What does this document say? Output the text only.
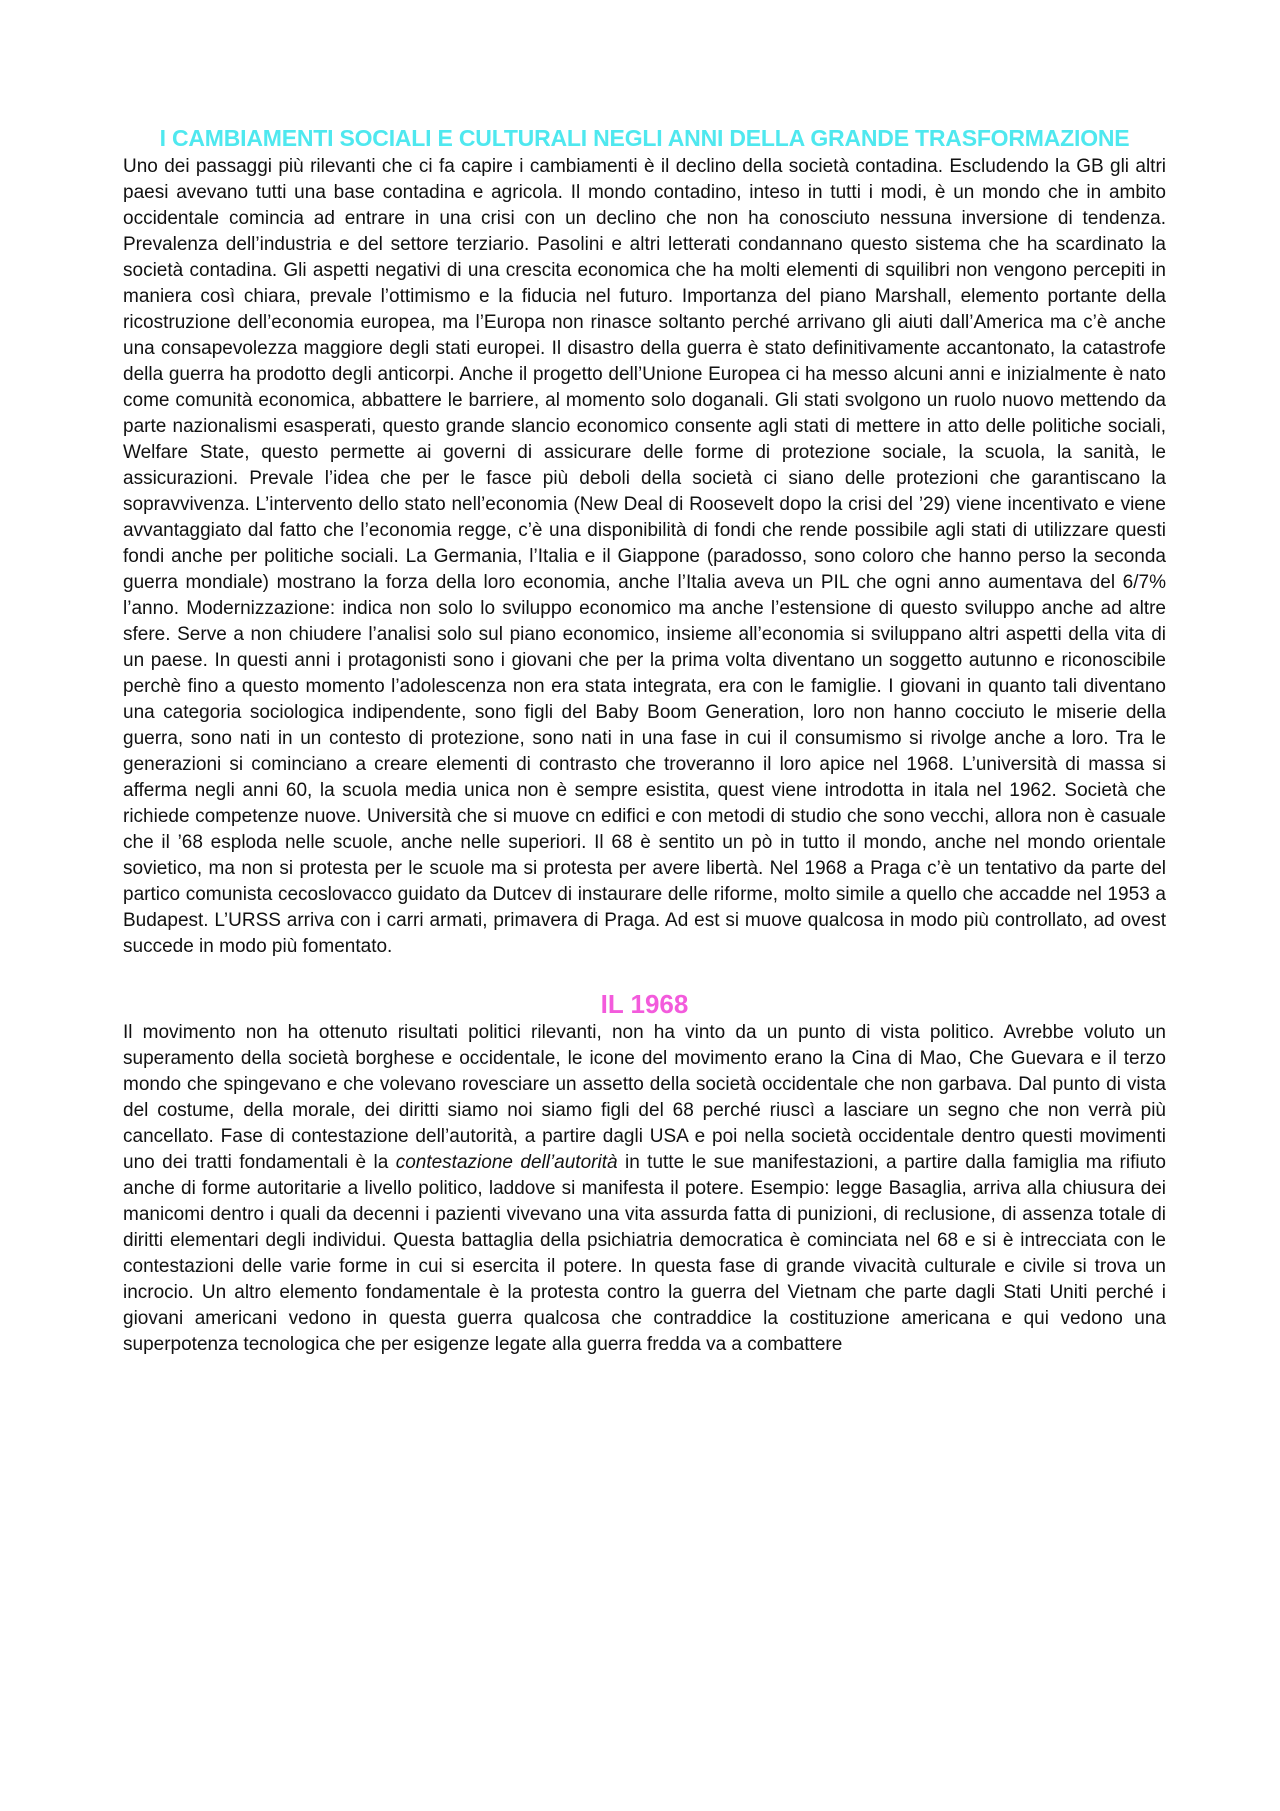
I CAMBIAMENTI SOCIALI E CULTURALI NEGLI ANNI DELLA GRANDE TRASFORMAZIONE

Uno dei passaggi più rilevanti che ci fa capire i cambiamenti è il declino della società contadina. Escludendo la GB gli altri paesi avevano tutti una base contadina e agricola. Il mondo contadino, inteso in tutti i modi, è un mondo che in ambito occidentale comincia ad entrare in una crisi con un declino che non ha conosciuto nessuna inversione di tendenza. Prevalenza dell’industria e del settore terziario. Pasolini e altri letterati condannano questo sistema che ha scardinato la società contadina. Gli aspetti negativi di una crescita economica che ha molti elementi di squilibri non vengono percepiti in maniera così chiara, prevale l’ottimismo e la fiducia nel futuro. Importanza del piano Marshall, elemento portante della ricostruzione dell’economia europea, ma l’Europa non rinasce soltanto perché arrivano gli aiuti dall’America ma c’è anche una consapevolezza maggiore degli stati europei. Il disastro della guerra è stato definitivamente accantonato, la catastrofe della guerra ha prodotto degli anticorpi. Anche il progetto dell’Unione Europea ci ha messo alcuni anni e inizialmente è nato come comunità economica, abbattere le barriere, al momento solo doganali. Gli stati svolgono un ruolo nuovo mettendo da parte nazionalismi esasperati, questo grande slancio economico consente agli stati di mettere in atto delle politiche sociali, Welfare State, questo permette ai governi di assicurare delle forme di protezione sociale, la scuola, la sanità, le assicurazioni. Prevale l’idea che per le fasce più deboli della società ci siano delle protezioni che garantiscano la sopravvivenza. L’intervento dello stato nell’economia (New Deal di Roosevelt dopo la crisi del ’29) viene incentivato e viene avvantaggiato dal fatto che l’economia regge, c’è una disponibilità di fondi che rende possibile agli stati di utilizzare questi fondi anche per politiche sociali. La Germania, l’Italia e il Giappone (paradosso, sono coloro che hanno perso la seconda guerra mondiale) mostrano la forza della loro economia, anche l’Italia aveva un PIL che ogni anno aumentava del 6/7% l’anno. Modernizzazione: indica non solo lo sviluppo economico ma anche l’estensione di questo sviluppo anche ad altre sfere. Serve a non chiudere l’analisi solo sul piano economico, insieme all’economia si sviluppano altri aspetti della vita di un paese. In questi anni i protagonisti sono i giovani che per la prima volta diventano un soggetto autunno e riconoscibile perchè fino a questo momento l’adolescenza non era stata integrata, era con le famiglie. I giovani in quanto tali diventano una categoria sociologica indipendente, sono figli del Baby Boom Generation, loro non hanno cocciuto le miserie della guerra, sono nati in un contesto di protezione, sono nati in una fase in cui il consumismo si rivolge anche a loro. Tra le generazioni si cominciano a creare elementi di contrasto che troveranno il loro apice nel 1968. L’università di massa si afferma negli anni 60, la scuola media unica non è sempre esistita, quest viene introdotta in itala nel 1962. Società che richiede competenze nuove. Università che si muove cn edifici e con metodi di studio che sono vecchi, allora non è casuale che il ’68 esploda nelle scuole, anche nelle superiori. Il 68 è sentito un pò in tutto il mondo, anche nel mondo orientale sovietico, ma non si protesta per le scuole ma si protesta per avere libertà. Nel 1968 a Praga c’è un tentativo da parte del partico comunista cecoslovacco guidato da Dutcev di instaurare delle riforme, molto simile a quello che accadde nel 1953 a Budapest. L’URSS arriva con i carri armati, primavera di Praga. Ad est si muove qualcosa in modo più controllato, ad ovest succede in modo più fomentato.

IL 1968

Il movimento non ha ottenuto risultati politici rilevanti, non ha vinto da un punto di vista politico. Avrebbe voluto un superamento della società borghese e occidentale, le icone del movimento erano la Cina di Mao, Che Guevara e il terzo mondo che spingevano e che volevano rovesciare un assetto della società occidentale che non garbava. Dal punto di vista del costume, della morale, dei diritti siamo noi siamo figli del 68 perché riuscì a lasciare un segno che non verrà più cancellato. Fase di contestazione dell’autorità, a partire dagli USA e poi nella società occidentale dentro questi movimenti uno dei tratti fondamentali è la contestazione dell’autorità in tutte le sue manifestazioni, a partire dalla famiglia ma rifiuto anche di forme autoritarie a livello politico, laddove si manifesta il potere. Esempio: legge Basaglia, arriva alla chiusura dei manicomi dentro i quali da decenni i pazienti vivevano una vita assurda fatta di punizioni, di reclusione, di assenza totale di diritti elementari degli individui. Questa battaglia della psichiatria democratica è cominciata nel 68 e si è intrecciata con le contestazioni delle varie forme in cui si esercita il potere. In questa fase di grande vivacità culturale e civile si trova un incrocio. Un altro elemento fondamentale è la protesta contro la guerra del Vietnam che parte dagli Stati Uniti perché i giovani americani vedono in questa guerra qualcosa che contraddice la costituzione americana e qui vedono una superpotenza tecnologica che per esigenze legate alla guerra fredda va a combattere
